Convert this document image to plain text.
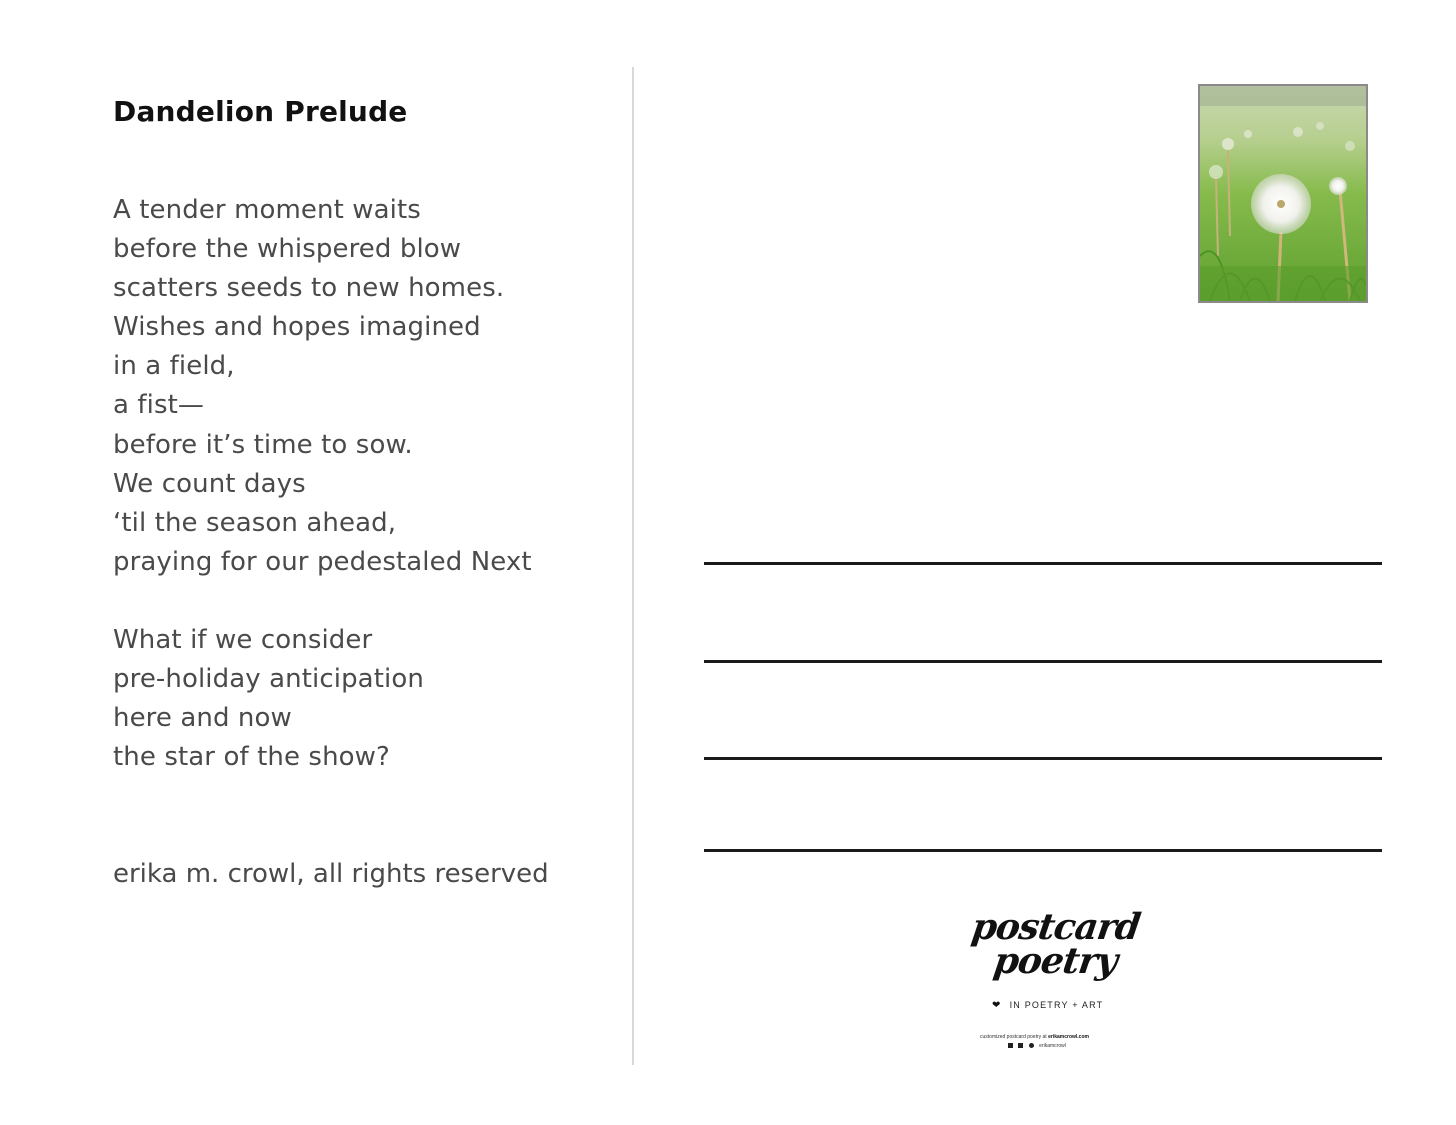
Dandelion Prelude

A tender moment waits
before the whispered blow
scatters seeds to new homes.
Wishes and hopes imagined
in a field,
a fist—
before it’s time to sow.
We count days
‘til the season ahead,
praying for our pedestaled Next

What if we consider
pre-holiday anticipation
here and now
the star of the show?

erika m. crowl, all rights reserved

postcard
poetry
❤ IN POETRY + ART
customized postcard poetry at erikamcrowl.com
erikamcrowl
